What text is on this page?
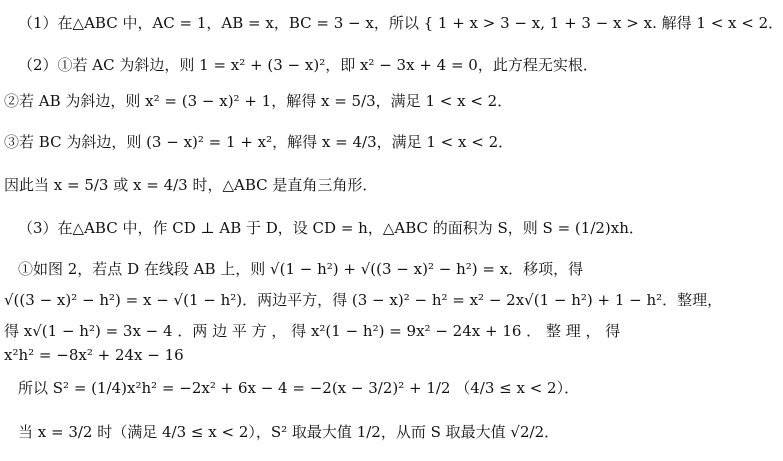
（1）在△ABC 中，AC = 1，AB = x，BC = 3 − x，所以 { 1 + x > 3 − x, 1 + 3 − x > x. 解得 1 < x < 2．
（2）①若 AC 为斜边，则 1 = x² + (3 − x)²，即 x² − 3x + 4 = 0，此方程无实根．
②若 AB 为斜边，则 x² = (3 − x)² + 1，解得 x = 5/3，满足 1 < x < 2．
③若 BC 为斜边，则 (3 − x)² = 1 + x²，解得 x = 4/3，满足 1 < x < 2．
因此当 x = 5/3 或 x = 4/3 时，△ABC 是直角三角形．
（3）在△ABC 中，作 CD ⊥ AB 于 D，设 CD = h，△ABC 的面积为 S，则 S = (1/2)xh．
①如图 2，若点 D 在线段 AB 上，则 √(1 − h²) + √((3 − x)² − h²) = x．移项，得
√((3 − x)² − h²) = x − √(1 − h²)．两边平方，得 (3 − x)² − h² = x² − 2x√(1 − h²) + 1 − h²．整理，
得 x√(1 − h²) = 3x − 4 ．两 边 平 方 ， 得 x²(1 − h²) = 9x² − 24x + 16 ． 整 理 ， 得
x²h² = −8x² + 24x − 16
所以 S² = (1/4)x²h² = −2x² + 6x − 4 = −2(x − 3/2)² + 1/2 （4/3 ≤ x < 2）．
当 x = 3/2 时（满足 4/3 ≤ x < 2），S² 取最大值 1/2，从而 S 取最大值 √2/2．
